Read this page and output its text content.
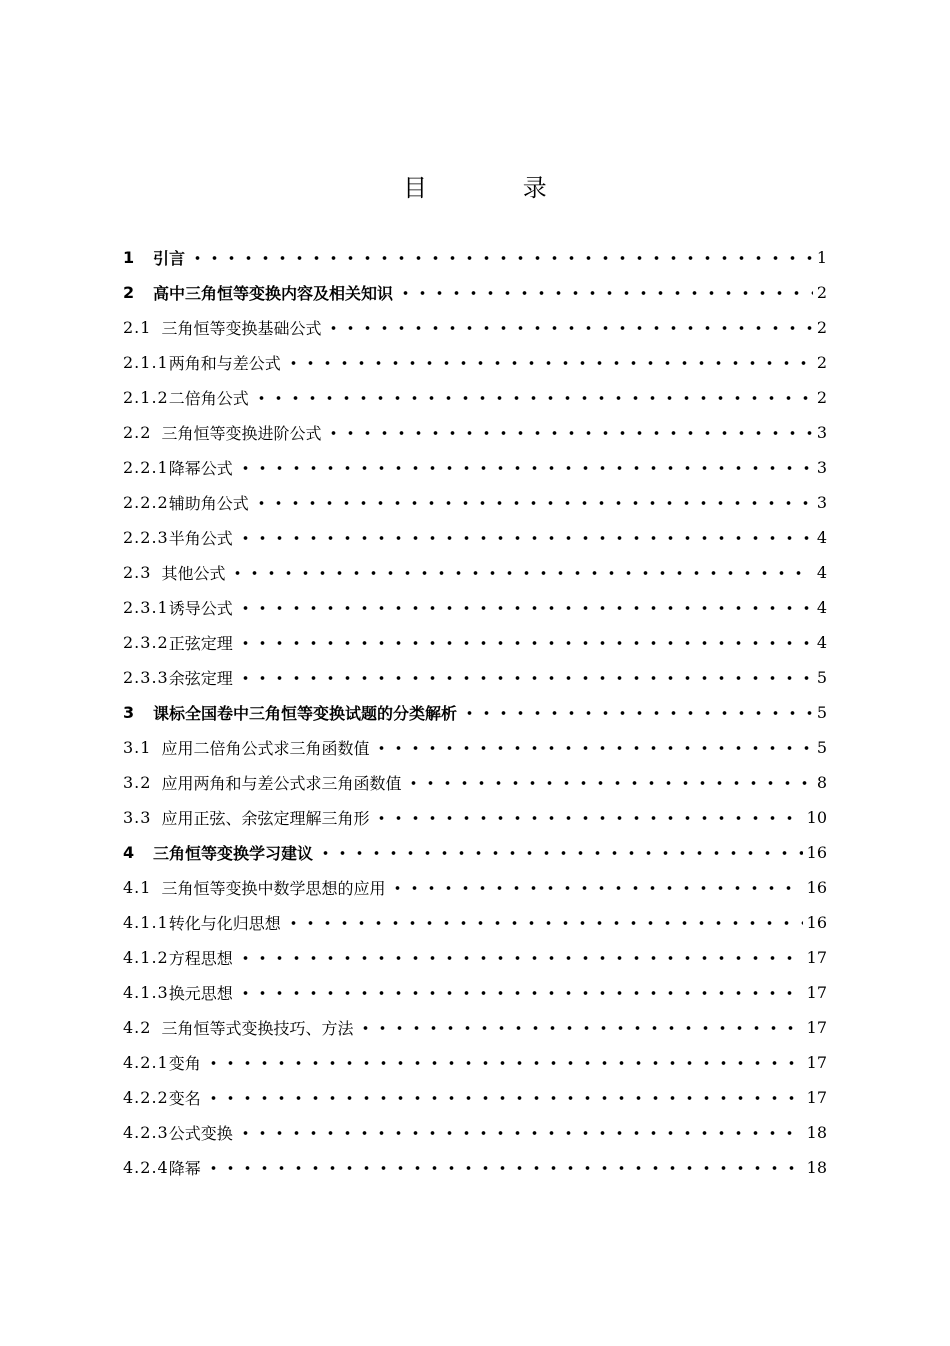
目 录
1	引言	1
2	高中三角恒等变换内容及相关知识	2
2.1 三角恒等变换基础公式	2
2.1.1 两角和与差公式	2
2.1.2 二倍角公式	2
2.2 三角恒等变换进阶公式	3
2.2.1 降幂公式	3
2.2.2 辅助角公式	3
2.2.3 半角公式	4
2.3 其他公式	4
2.3.1 诱导公式	4
2.3.2 正弦定理	4
2.3.3 余弦定理	5
3	课标全国卷中三角恒等变换试题的分类解析	5
3.1 应用二倍角公式求三角函数值	5
3.2 应用两角和与差公式求三角函数值	8
3.3 应用正弦、余弦定理解三角形	10
4	三角恒等变换学习建议	16
4.1 三角恒等变换中数学思想的应用	16
4.1.1 转化与化归思想	16
4.1.2 方程思想	17
4.1.3 换元思想	17
4.2 三角恒等式变换技巧、方法	17
4.2.1 变角	17
4.2.2 变名	17
4.2.3 公式变换	18
4.2.4 降幂	18
